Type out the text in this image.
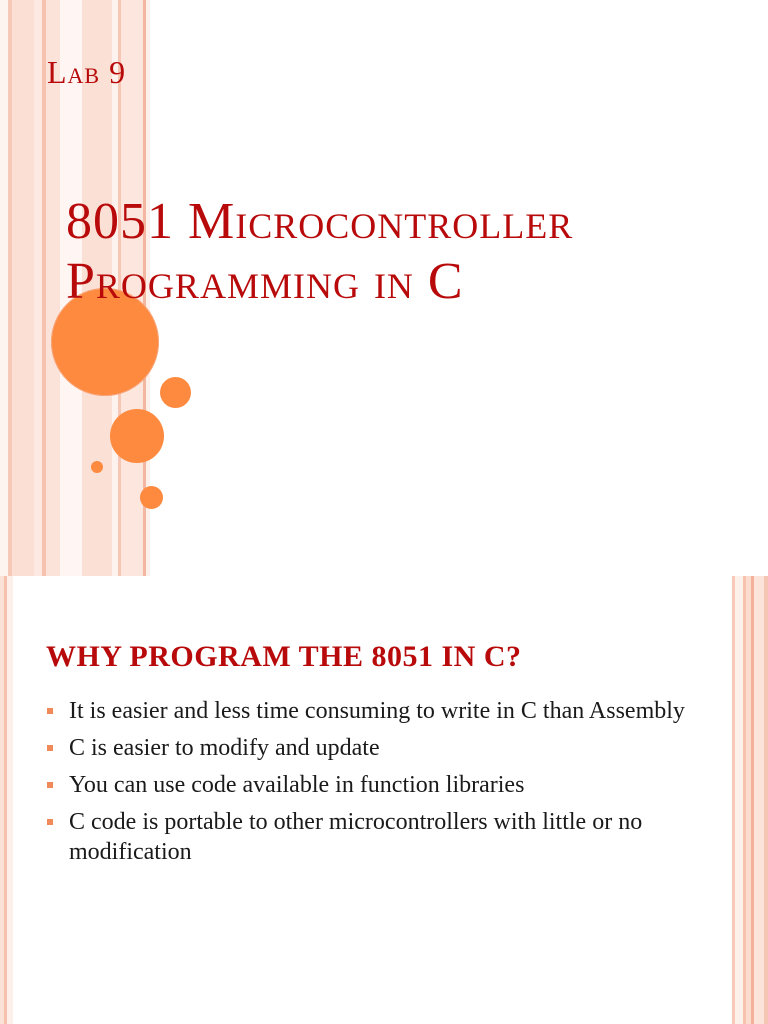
Lab 9
8051 Microcontroller
Programming in C
WHY PROGRAM THE 8051 IN C?
It is easier and less time consuming to write in C than Assembly
C is easier to modify and update
You can use code available in function libraries
C code is portable to other microcontrollers with little or no modification
